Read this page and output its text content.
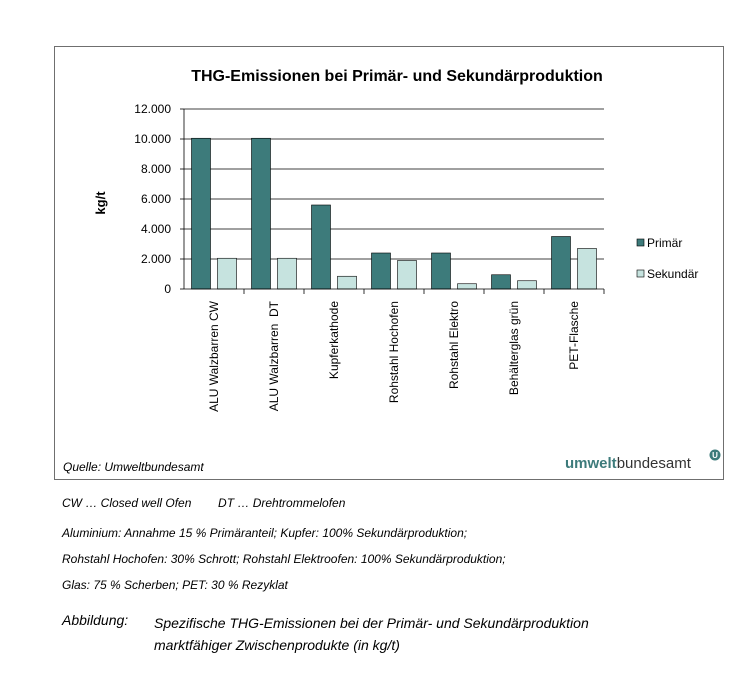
THG-Emissionen bei Primär- und Sekundärproduktion
kg/t
0
2.000
4.000
6.000
8.000
10.000
12.000
ALU Walzbarren CW	ALU Walzbarren  DT	Kupferkathode	Rohstahl Hochofen	Rohstahl Elektro	Behälterglas grün	PET-Flasche
Primär
Sekundär
Quelle: Umweltbundesamt	umweltbundesamt	U
CW … Closed well Ofen        DT … Drehtrommelofen
Aluminium: Annahme 15 % Primäranteil; Kupfer: 100% Sekundärproduktion;
Rohstahl Hochofen: 30% Schrott; Rohstahl Elektroofen: 100% Sekundärproduktion;
Glas: 75 % Scherben; PET: 30 % Rezyklat
Abbildung: Spezifische THG-Emissionen bei der Primär- und Sekundärproduktion
marktfähiger Zwischenprodukte (in kg/t)
